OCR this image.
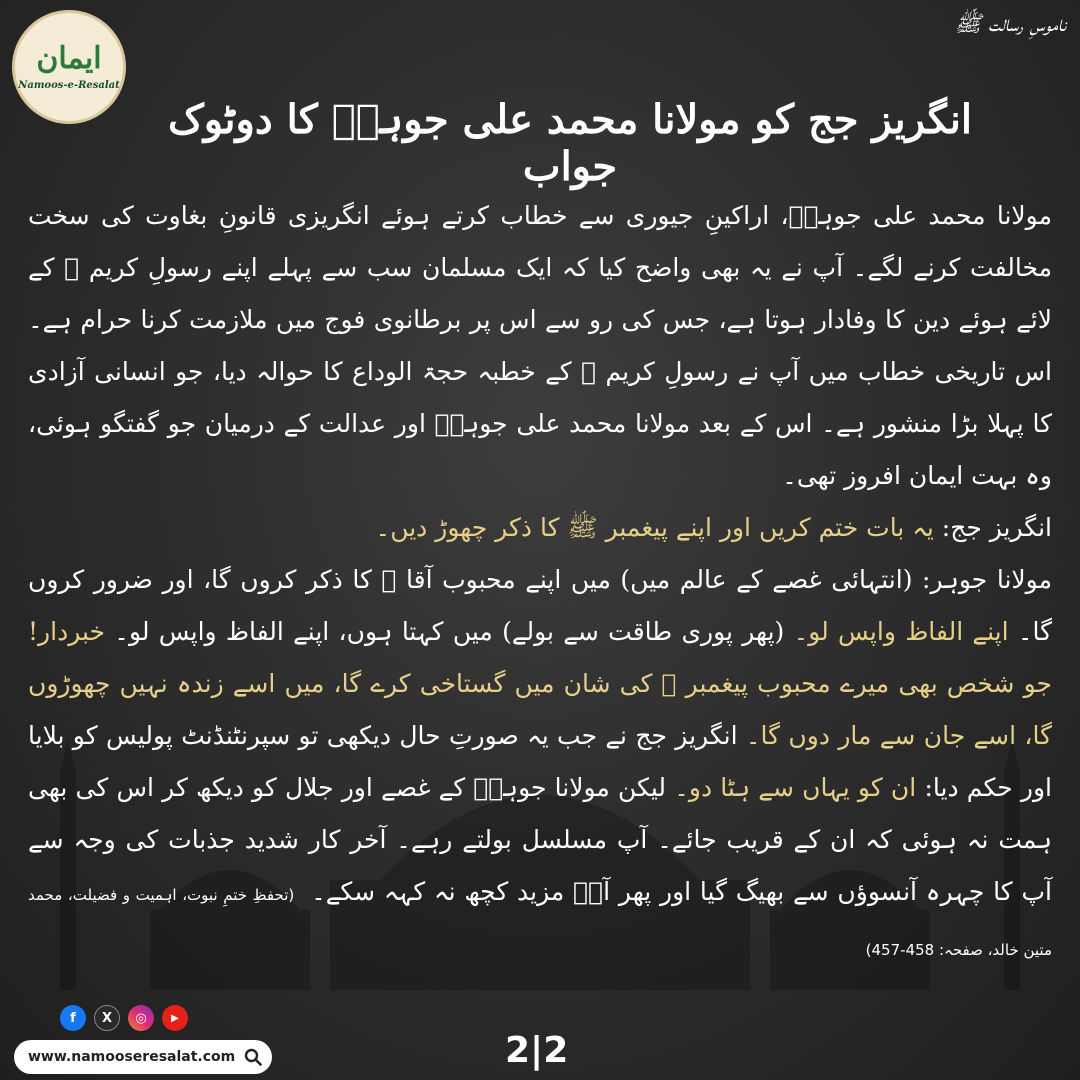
ایمان
Namoos-e-Resalat
ناموسِ رسالت ﷺ
انگریز جج کو مولانا محمد علی جوہرؒ کا دوٹوک جواب

مولانا محمد علی جوہرؒ، اراکینِ جیوری سے خطاب کرتے ہوئے انگریزی قانونِ بغاوت کی سخت مخالفت کرنے لگے۔ آپ نے یہ بھی واضح کیا کہ ایک مسلمان سب سے پہلے اپنے رسولِ کریم ﷺ کے لائے ہوئے دین کا وفادار ہوتا ہے، جس کی رو سے اس پر برطانوی فوج میں ملازمت کرنا حرام ہے۔ اس تاریخی خطاب میں آپ نے رسولِ کریم ﷺ کے خطبہ حجۃ الوداع کا حوالہ دیا، جو انسانی آزادی کا پہلا بڑا منشور ہے۔ اس کے بعد مولانا محمد علی جوہرؒ اور عدالت کے درمیان جو گفتگو ہوئی، وہ بہت ایمان افروز تھی۔

انگریز جج: یہ بات ختم کریں اور اپنے پیغمبر ﷺ کا ذکر چھوڑ دیں۔

مولانا جوہر: (انتہائی غصے کے عالم میں) میں اپنے محبوب آقا ﷺ کا ذکر کروں گا، اور ضرور کروں گا۔ اپنے الفاظ واپس لو۔ (پھر پوری طاقت سے بولے) میں کہتا ہوں، اپنے الفاظ واپس لو۔ خبردار! جو شخص بھی میرے محبوب پیغمبر ﷺ کی شان میں گستاخی کرے گا، میں اسے زندہ نہیں چھوڑوں گا، اسے جان سے مار دوں گا۔ انگریز جج نے جب یہ صورتِ حال دیکھی تو سپرنٹنڈنٹ پولیس کو بلایا اور حکم دیا: ان کو یہاں سے ہٹا دو۔ لیکن مولانا جوہرؒ کے غصے اور جلال کو دیکھ کر اس کی بھی ہمت نہ ہوئی کہ ان کے قریب جائے۔ آپ مسلسل بولتے رہے۔ آخر کار شدید جذبات کی وجہ سے آپ کا چہرہ آنسوؤں سے بھیگ گیا اور پھر آپؒ مزید کچھ نہ کہہ سکے۔ (تحفظِ ختمِ نبوت، اہمیت و فضیلت، محمد متین خالد، صفحہ: 458-457)

f	X	◎	▶
www.namooseresalat.com	2|2
